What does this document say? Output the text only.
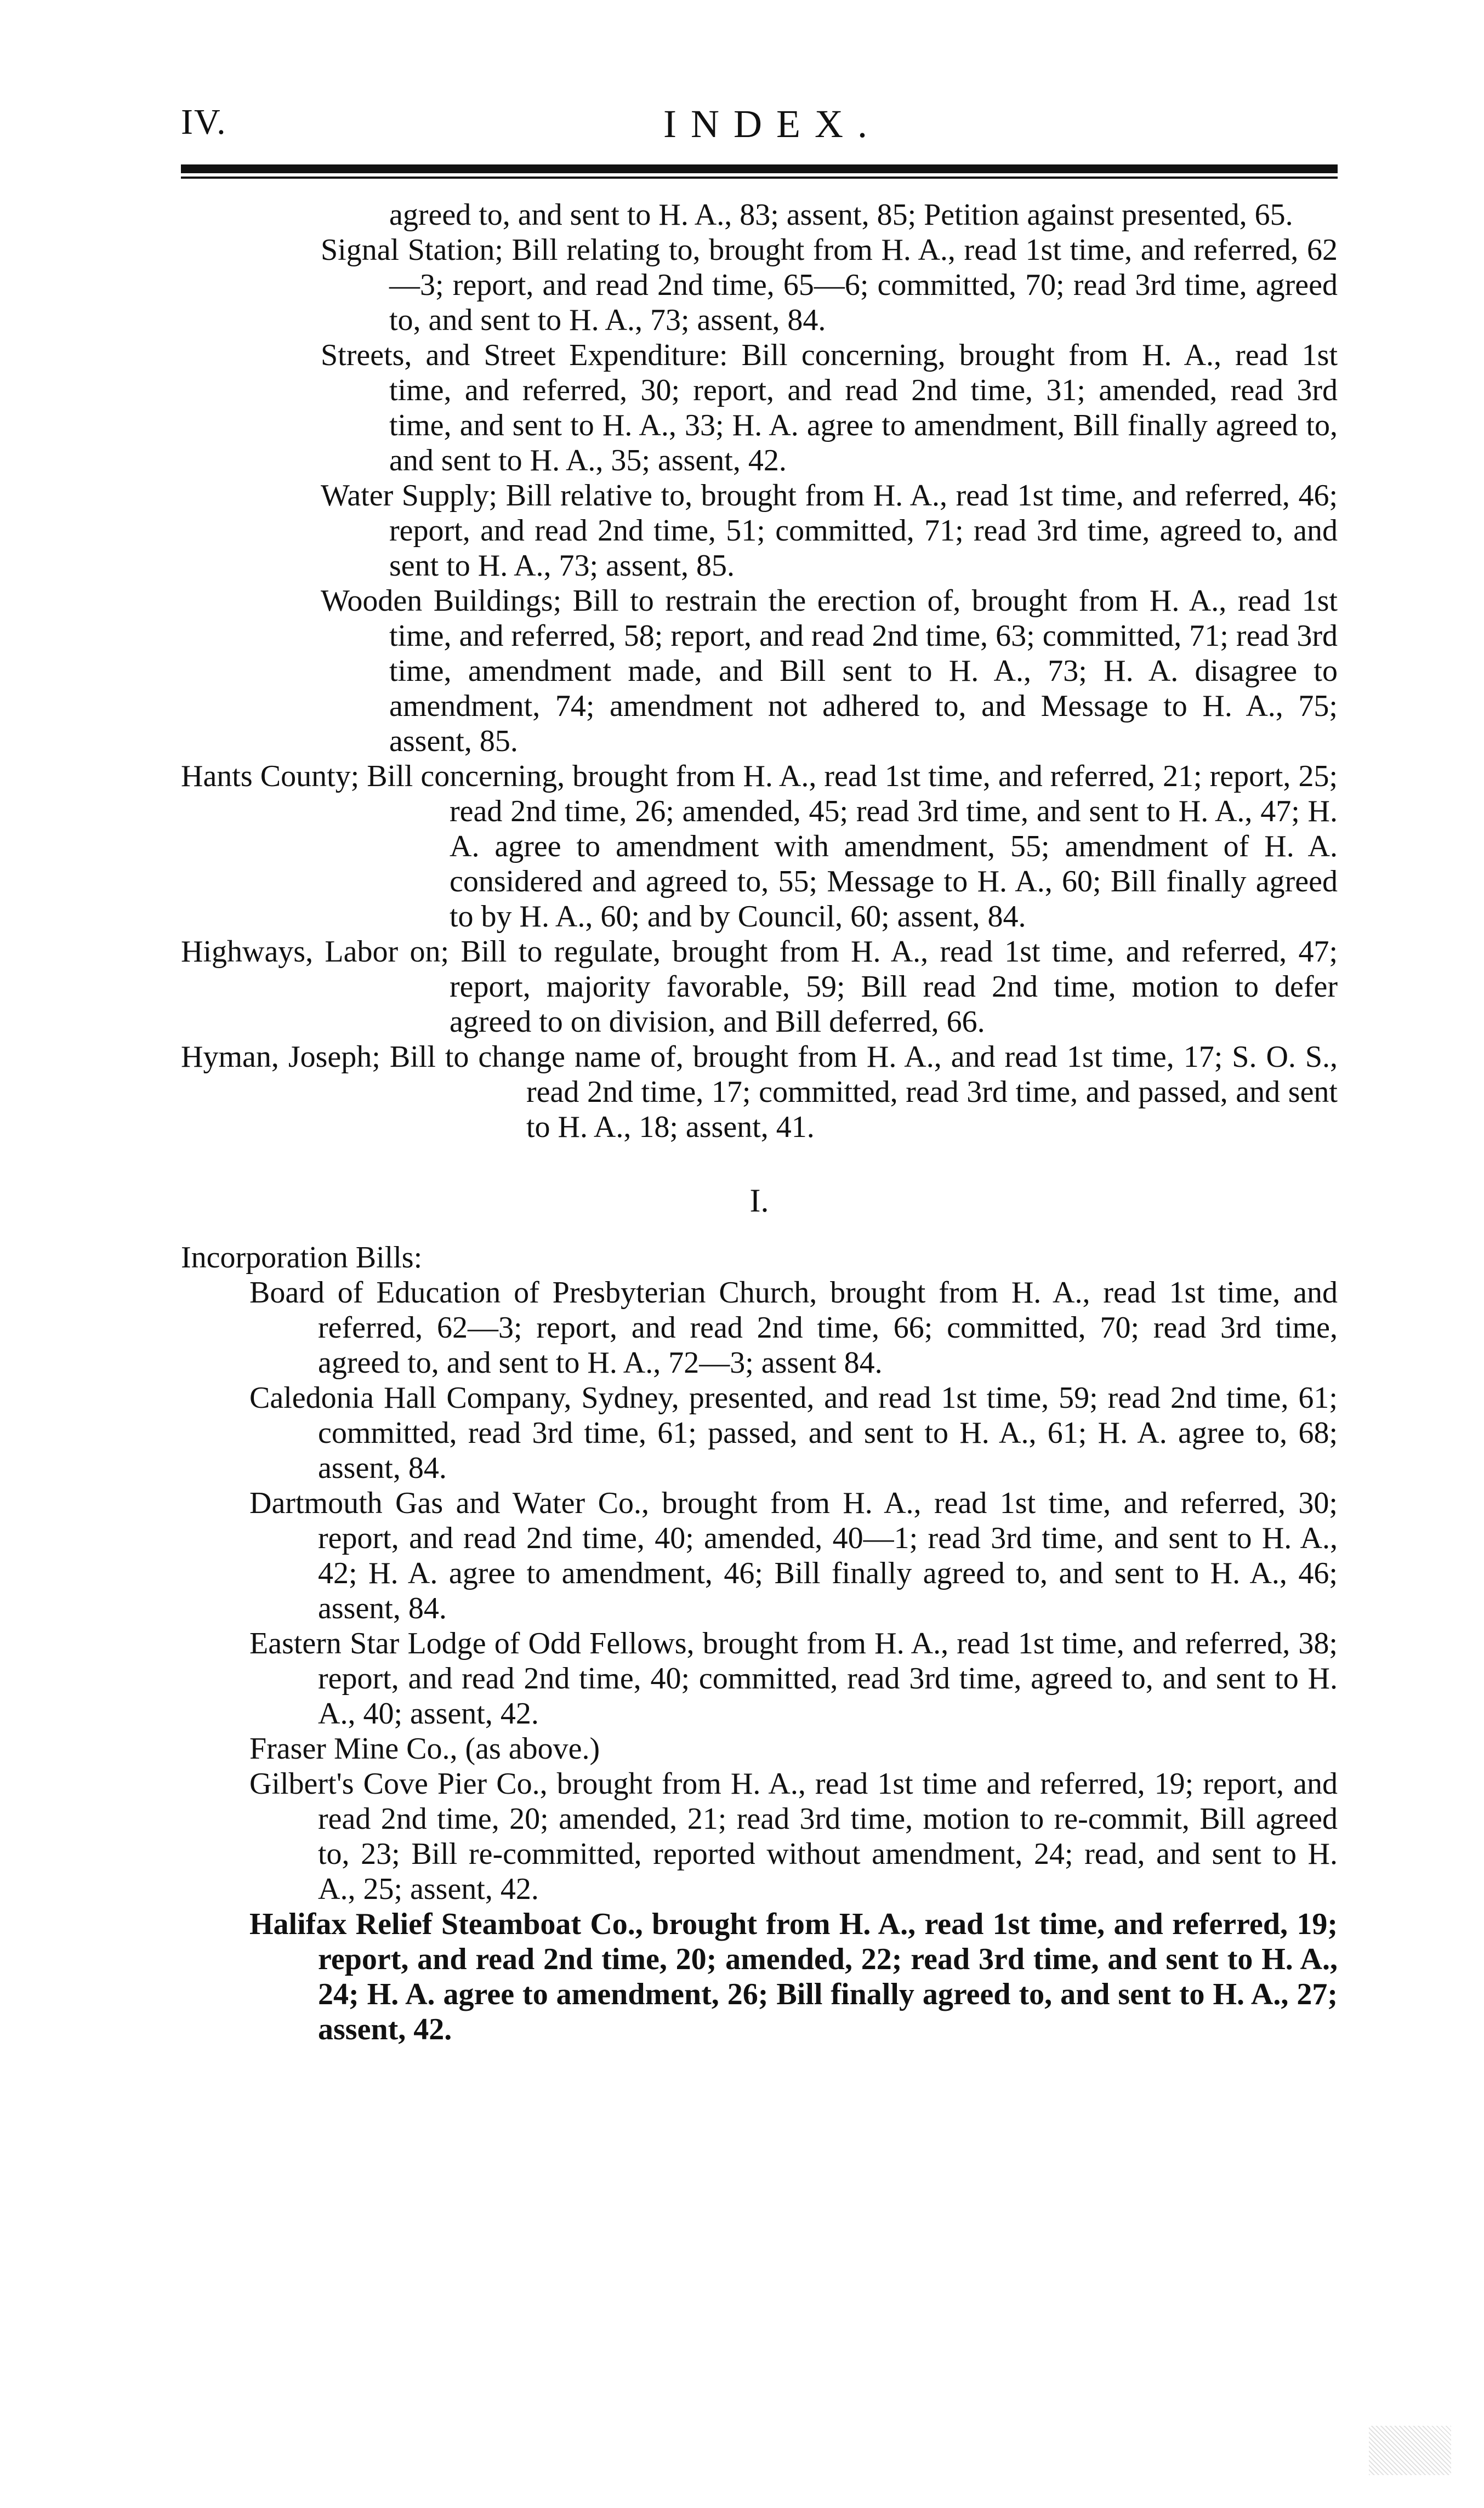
IV.	INDEX.

agreed to, and sent to H. A., 83; assent, 85; Petition against presented, 65.

Signal Station; Bill relating to, brought from H. A., read 1st time, and referred, 62—3; report, and read 2nd time, 65—6; committed, 70; read 3rd time, agreed to, and sent to H. A., 73; assent, 84.

Streets, and Street Expenditure: Bill concerning, brought from H. A., read 1st time, and referred, 30; report, and read 2nd time, 31; amended, read 3rd time, and sent to H. A., 33; H. A. agree to amendment, Bill finally agreed to, and sent to H. A., 35; assent, 42.

Water Supply; Bill relative to, brought from H. A., read 1st time, and referred, 46; report, and read 2nd time, 51; committed, 71; read 3rd time, agreed to, and sent to H. A., 73; assent, 85.

Wooden Buildings; Bill to restrain the erection of, brought from H. A., read 1st time, and referred, 58; report, and read 2nd time, 63; committed, 71; read 3rd time, amendment made, and Bill sent to H. A., 73; H. A. disagree to amendment, 74; amendment not adhered to, and Message to H. A., 75; assent, 85.

Hants County; Bill concerning, brought from H. A., read 1st time, and referred, 21; report, 25; read 2nd time, 26; amended, 45; read 3rd time, and sent to H. A., 47; H. A. agree to amendment with amendment, 55; amendment of H. A. considered and agreed to, 55; Message to H. A., 60; Bill finally agreed to by H. A., 60; and by Council, 60; assent, 84.

Highways, Labor on; Bill to regulate, brought from H. A., read 1st time, and referred, 47; report, majority favorable, 59; Bill read 2nd time, motion to defer agreed to on division, and Bill deferred, 66.

Hyman, Joseph; Bill to change name of, brought from H. A., and read 1st time, 17; S. O. S., read 2nd time, 17; committed, read 3rd time, and passed, and sent to H. A., 18; assent, 41.

I.

Incorporation Bills:

Board of Education of Presbyterian Church, brought from H. A., read 1st time, and referred, 62—3; report, and read 2nd time, 66; committed, 70; read 3rd time, agreed to, and sent to H. A., 72—3; assent 84.

Caledonia Hall Company, Sydney, presented, and read 1st time, 59; read 2nd time, 61; committed, read 3rd time, 61; passed, and sent to H. A., 61; H. A. agree to, 68; assent, 84.

Dartmouth Gas and Water Co., brought from H. A., read 1st time, and referred, 30; report, and read 2nd time, 40; amended, 40—1; read 3rd time, and sent to H. A., 42; H. A. agree to amendment, 46; Bill finally agreed to, and sent to H. A., 46; assent, 84.

Eastern Star Lodge of Odd Fellows, brought from H. A., read 1st time, and referred, 38; report, and read 2nd time, 40; committed, read 3rd time, agreed to, and sent to H. A., 40; assent, 42.

Fraser Mine Co., (as above.)

Gilbert's Cove Pier Co., brought from H. A., read 1st time and referred, 19; report, and read 2nd time, 20; amended, 21; read 3rd time, motion to re-commit, Bill agreed to, 23; Bill re-committed, reported without amendment, 24; read, and sent to H. A., 25; assent, 42.

Halifax Relief Steamboat Co., brought from H. A., read 1st time, and referred, 19; report, and read 2nd time, 20; amended, 22; read 3rd time, and sent to H. A., 24; H. A. agree to amendment, 26; Bill finally agreed to, and sent to H. A., 27; assent, 42.
